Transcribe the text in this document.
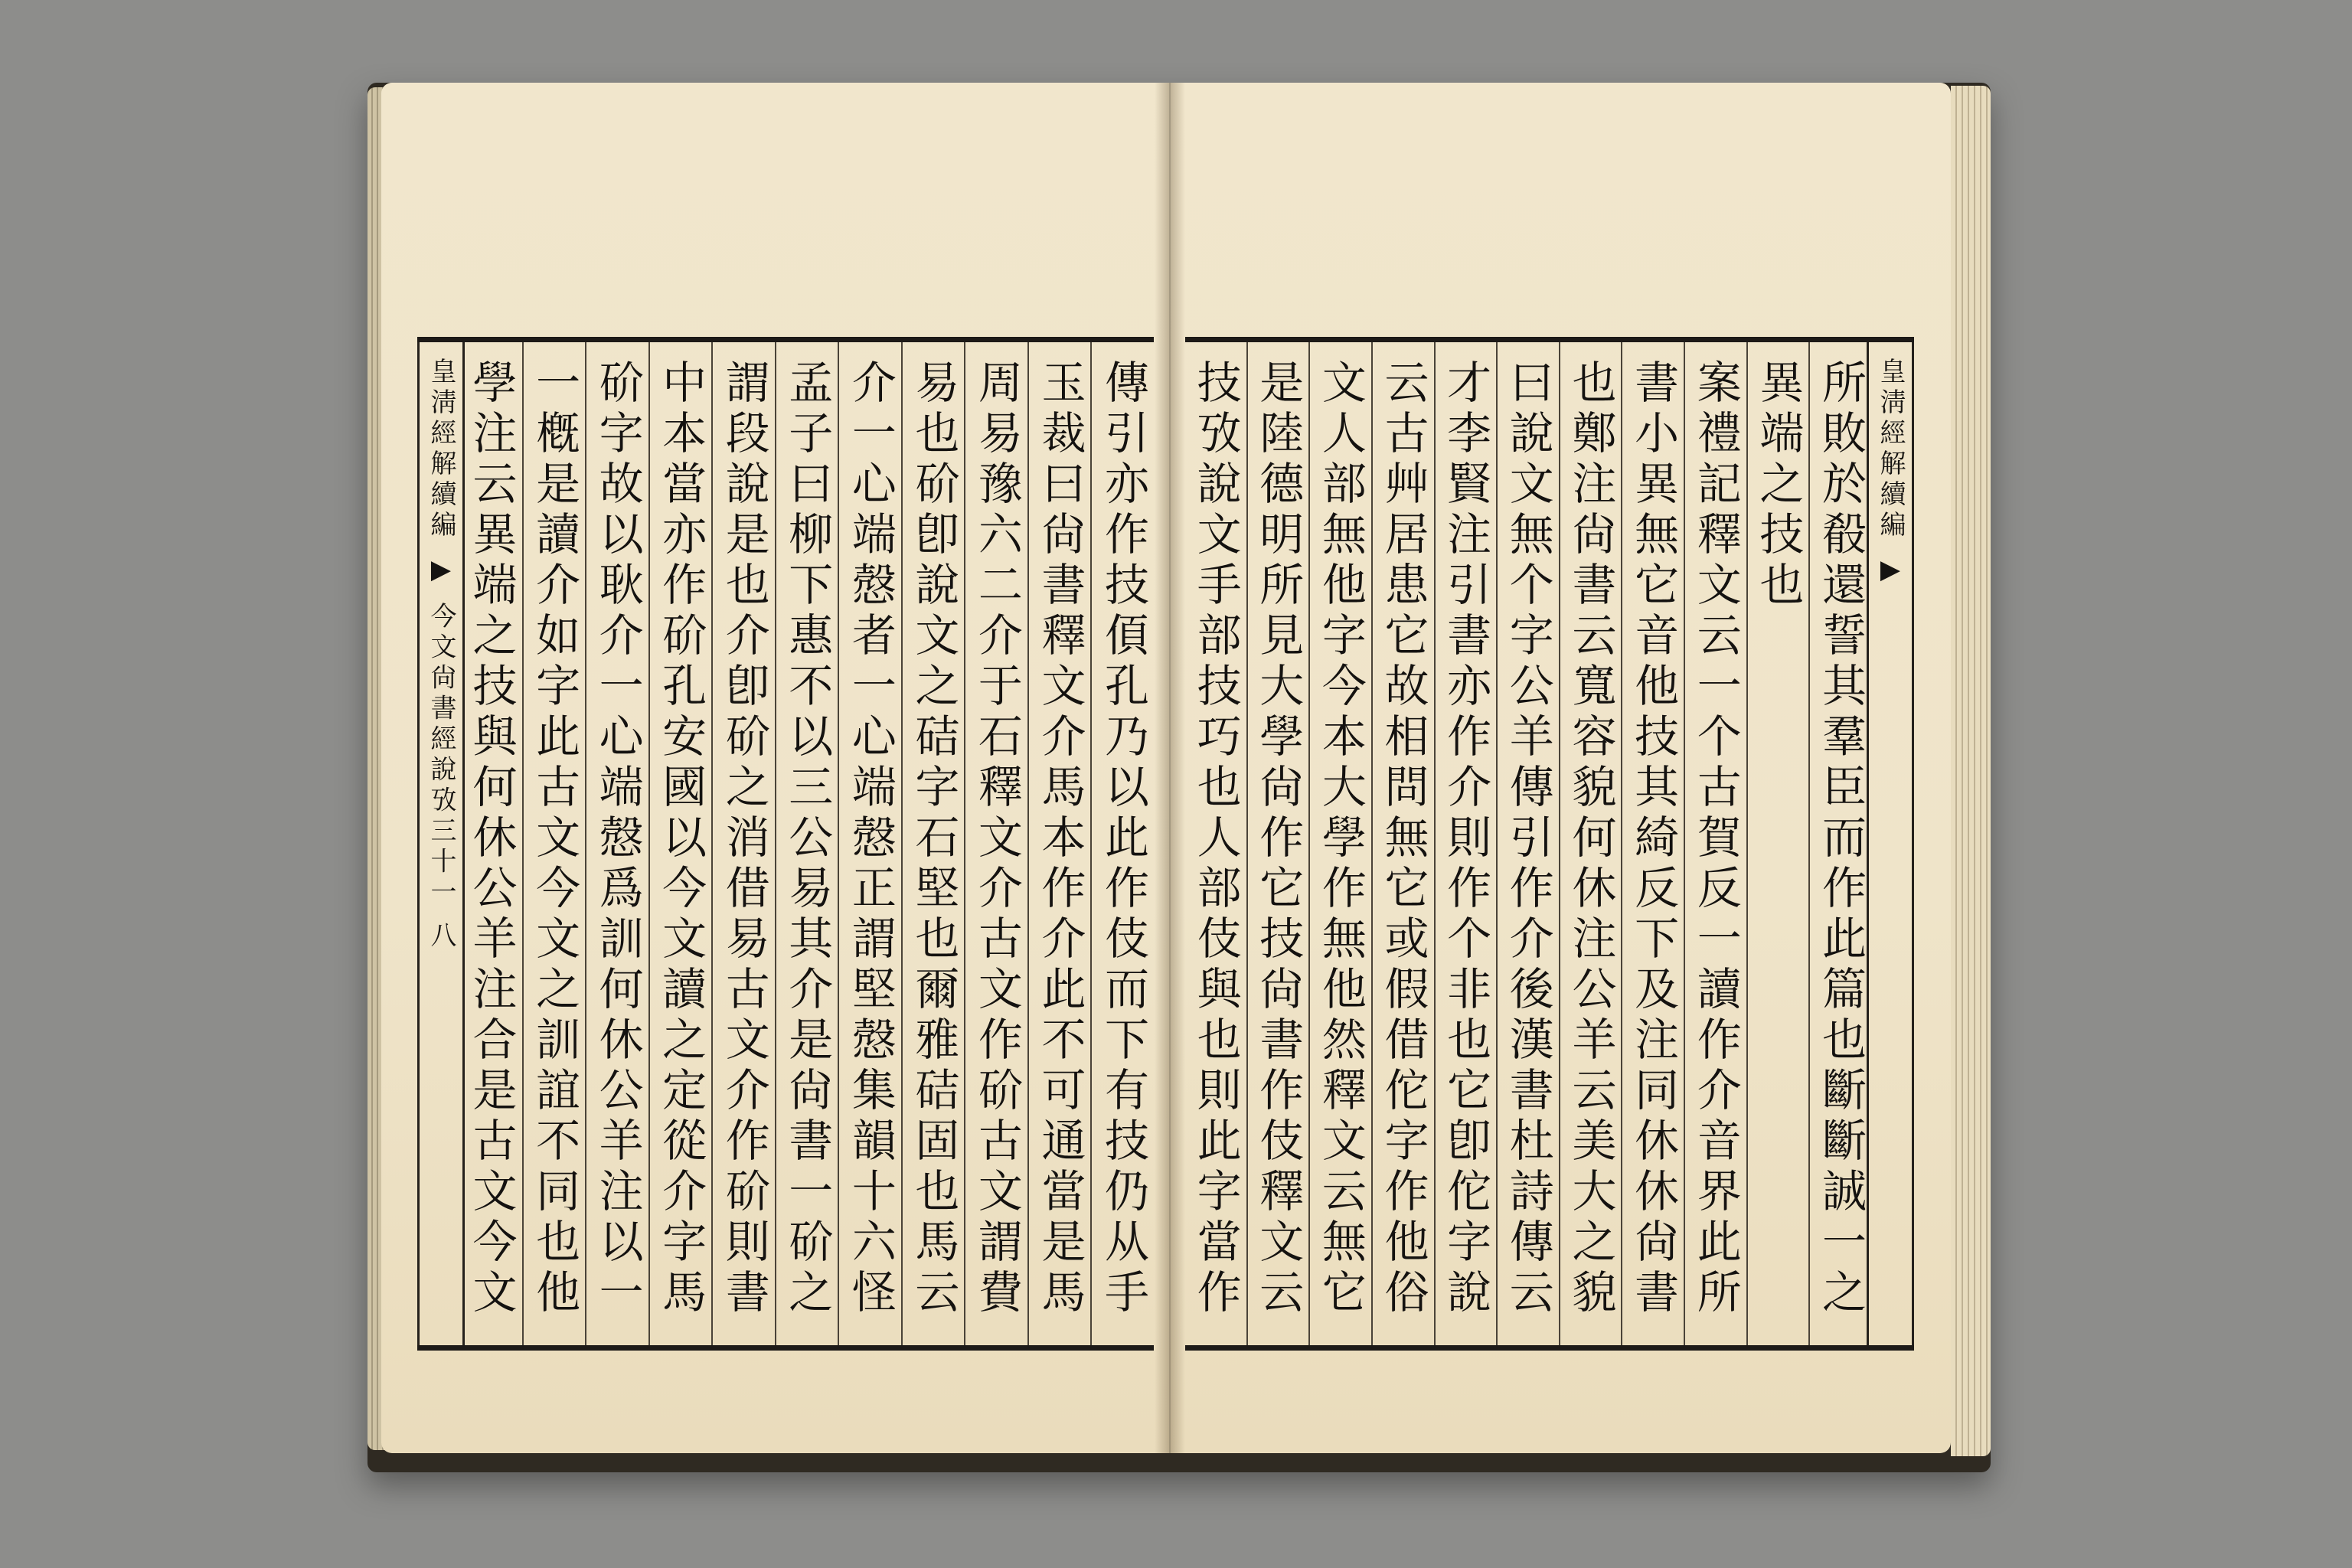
皇淸經解續編 ▶ 今文尙書經說攷三十一 八	傳引亦作技㑯孔乃以此作伎而下有技仍从手
玉裁曰尙書釋文介馬本作介此不可通當是馬
周易豫六二介于石釋文介古文作砎古文謂費
易也砎卽說文之硈字石堅也爾雅硈固也馬云
介一心端慤者一心端慤正謂堅慤集韻十六怪
孟子曰柳下惠不以三公易其介是尙書一砎之
謂段說是也介卽砎之消借易古文介作砎則書
中本當亦作砎孔安國以今文讀之定從介字馬
砎字故以耿介一心端慤爲訓何休公羊注以一
一槪是讀介如字此古文今文之訓誼不同也他
學注云異端之技與何休公羊注合是古文今文
所敗於殽還誓其羣臣而作此篇也斷斷誠一之
異端之技也
案禮記釋文云一个古賀反一讀作介音界此所
書小異無它音他技其綺反下及注同休休尙書
也鄭注尙書云寬容貌何休注公羊云美大之貌
曰說文無个字公羊傳引作介後漢書杜詩傳云
才李賢注引書亦作介則作个非也它卽佗字說
云古艸居患它故相問無它或假借佗字作他俗
文人部無他字今本大學作無他然釋文云無它
是陸德明所見大學尙作它技尙書作伎釋文云
技攷說文手部技巧也人部伎與也則此字當作
皇淸經解續編 ▶
